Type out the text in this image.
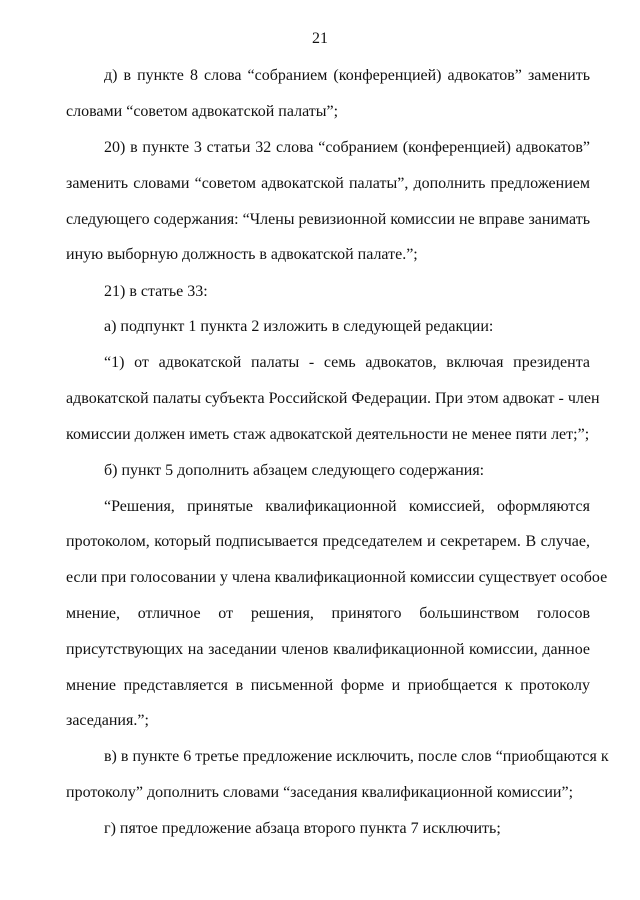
21
д) в пункте 8 слова “собранием (конференцией) адвокатов” заменить
словами “советом адвокатской палаты”;
20) в пункте 3 статьи 32 слова “собранием (конференцией) адвокатов”
заменить словами “советом адвокатской палаты”, дополнить предложением
следующего содержания: “Члены ревизионной комиссии не вправе занимать
иную выборную должность в адвокатской палате.”;
21) в статье 33:
а) подпункт 1 пункта 2 изложить в следующей редакции:
“1) от адвокатской палаты - семь адвокатов, включая президента
адвокатской палаты субъекта Российской Федерации. При этом адвокат - член
комиссии должен иметь стаж адвокатской деятельности не менее пяти лет;”;
б) пункт 5 дополнить абзацем следующего содержания:
“Решения, принятые квалификационной комиссией, оформляются
протоколом, который подписывается председателем и секретарем. В случае,
если при голосовании у члена квалификационной комиссии существует особое
мнение, отличное от решения, принятого большинством голосов
присутствующих на заседании членов квалификационной комиссии, данное
мнение представляется в письменной форме и приобщается к протоколу
заседания.”;
в) в пункте 6 третье предложение исключить, после слов “приобщаются к
протоколу” дополнить словами “заседания квалификационной комиссии”;
г) пятое предложение абзаца второго пункта 7 исключить;
